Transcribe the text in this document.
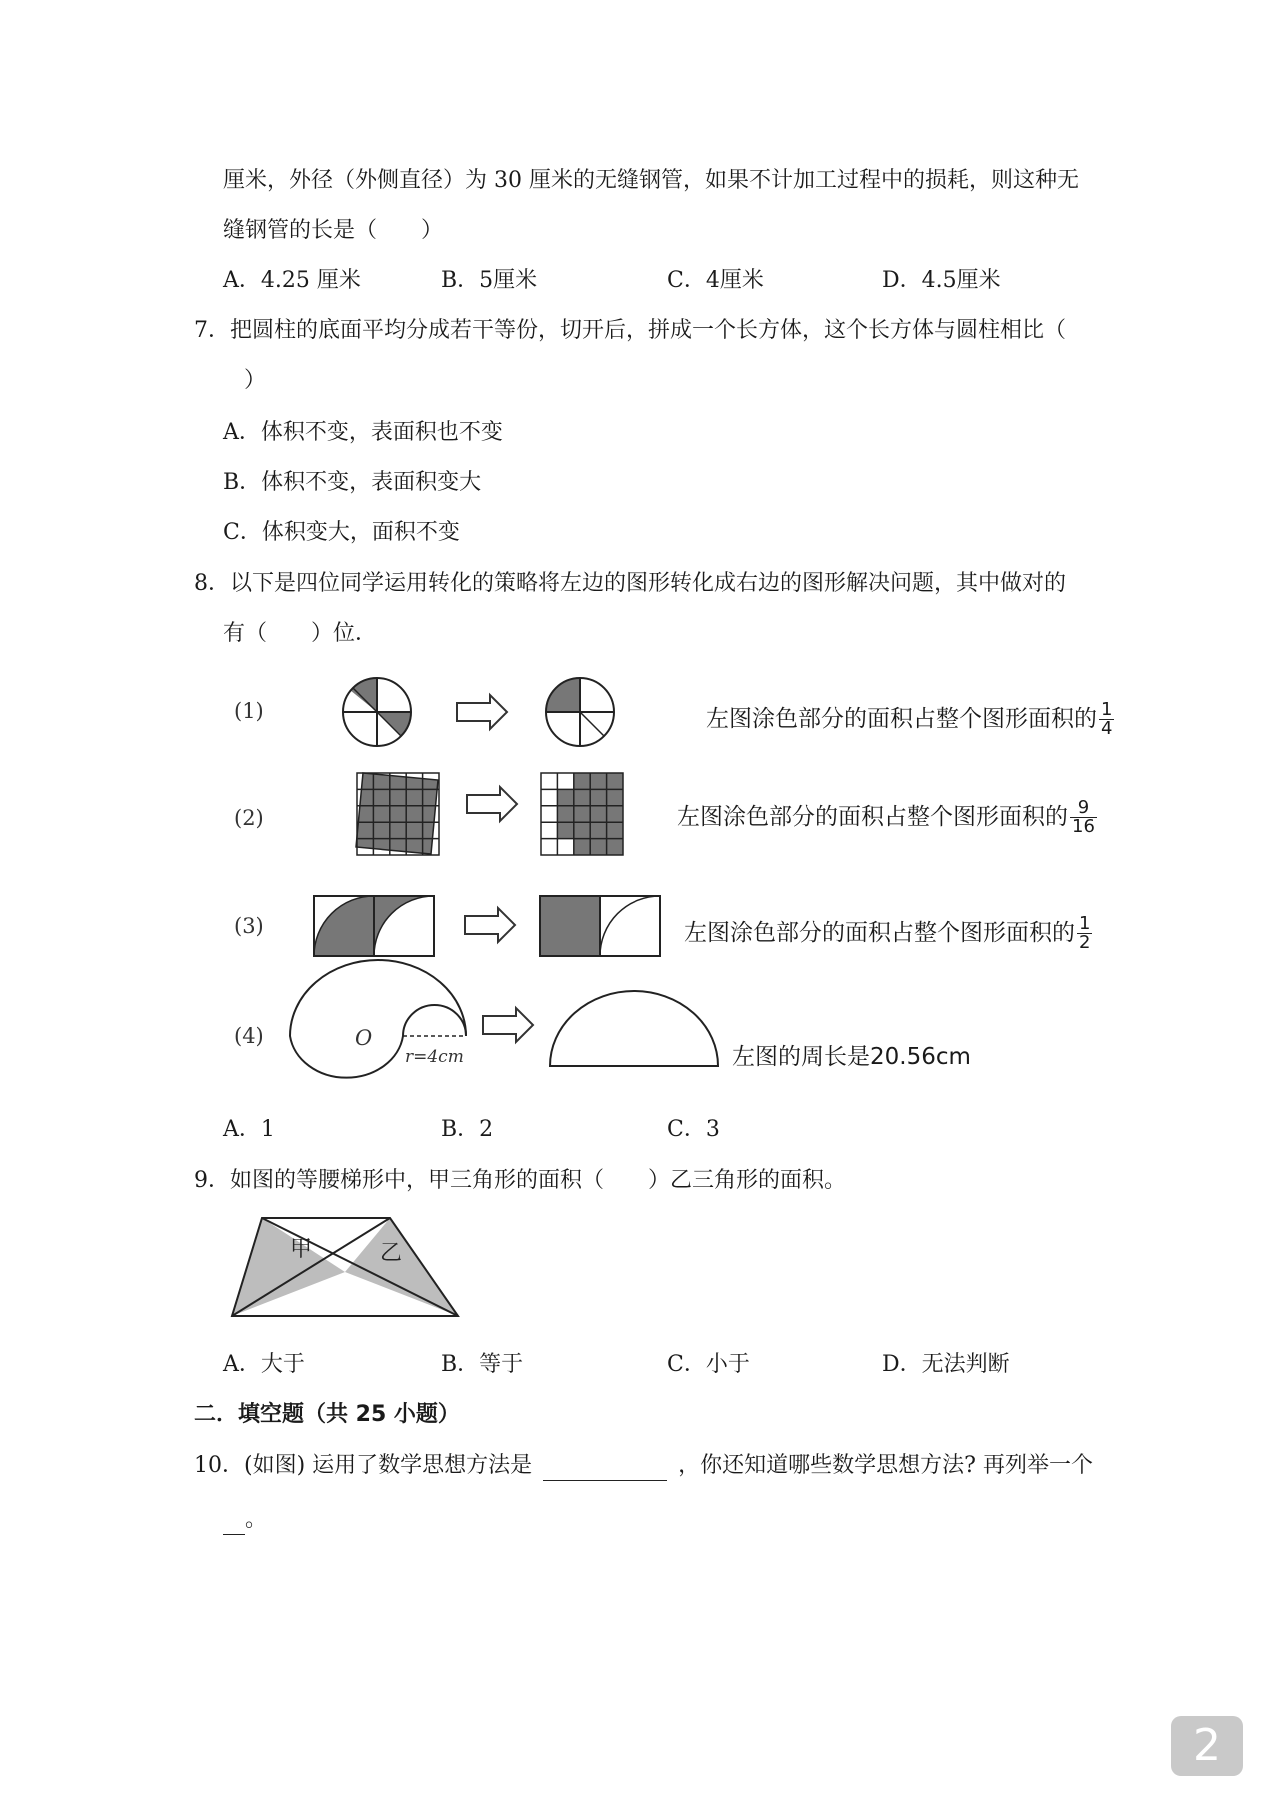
厘米，外径（外侧直径）为 30 厘米的无缝钢管，如果不计加工过程中的损耗，则这种无
缝钢管的长是（　　）
A．4.25 厘米	B．5厘米	C．4厘米	D．4.5厘米
7．把圆柱的底面平均分成若干等份，切开后，拼成一个长方体，这个长方体与圆柱相比（
）
A．体积不变，表面积也不变
B．体积不变，表面积变大
C．体积变大，面积不变
8．以下是四位同学运用转化的策略将左边的图形转化成右边的图形解决问题，其中做对的
有（　　）位．
(1)
(2)
(3)
(4)	O
r=4cm
左图涂色部分的面积占整个图形面积的 $\frac{1}{4}$
左图涂色部分的面积占整个图形面积的 $\frac{9}{16}$
左图涂色部分的面积占整个图形面积的 $\frac{1}{2}$
左图的周长是20.56cm
A．1	B．2	C．3
9．如图的等腰梯形中，甲三角形的面积（　　）乙三角形的面积。
甲	乙
A．大于	B．等于	C．小于	D．无法判断
二．填空题（共 25 小题）
10．(如图) 运用了数学思想方法是	，你还知道哪些数学思想方法? 再列举一个
。
2
